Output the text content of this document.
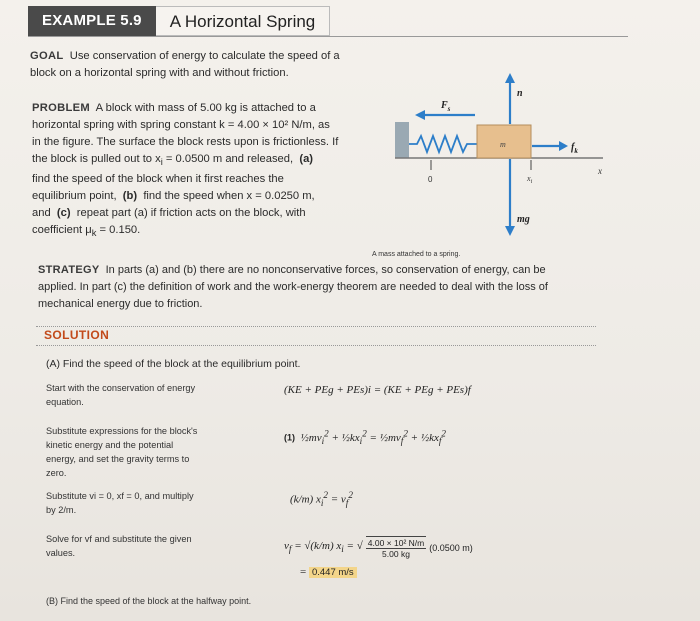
EXAMPLE 5.9	A Horizontal Spring
GOAL Use conservation of energy to calculate the speed of a
block on a horizontal spring with and without friction.
PROBLEM A block with mass of 5.00 kg is attached to a
horizontal spring with spring constant k = 4.00 × 10² N/m, as
in the figure. The surface the block rests upon is frictionless. If
the block is pulled out to $x_i = 0.0500$ m and released, (a)
find the speed of the block when it first reaches the
equilibrium point, (b) find the speed when x = 0.0250 m,
and (c) repeat part (a) if friction acts on the block, with
coefficient $\mu_k = 0.150$.
m
$F_s$
n
$f_k$
mg
0	$x_i$
x
A mass attached to a spring.
STRATEGY In parts (a) and (b) there are no nonconservative forces, so conservation of energy, can be
applied. In part (c) the definition of work and the work-energy theorem are needed to deal with the loss of
mechanical energy due to friction.
SOLUTION
(A) Find the speed of the block at the equilibrium point.
Start with the conservation of energy
equation.
(KE + PEg + PEs)i = (KE + PEg + PEs)f
Substitute expressions for the block's
kinetic energy and the potential
energy, and set the gravity terms to
zero.
(1) $\frac{1}{2}mv_i^2$ + $\frac{1}{2}kx_i^2$ = $\frac{1}{2}mv_f^2$ + $\frac{1}{2}kx_f^2$
Substitute vi = 0, xf = 0, and multiply
by 2/m.
(k/m) $x_i^2 = v_f^2$
Solve for vf and substitute the given
values.
$v_f = √(k/m) x_i$ = √ $\frac{\text{4.00 × 10² N/m}}{5.00 kg} (0.0500$ m)
= 0.447 m/s
(B) Find the speed of the block at the halfway point.
